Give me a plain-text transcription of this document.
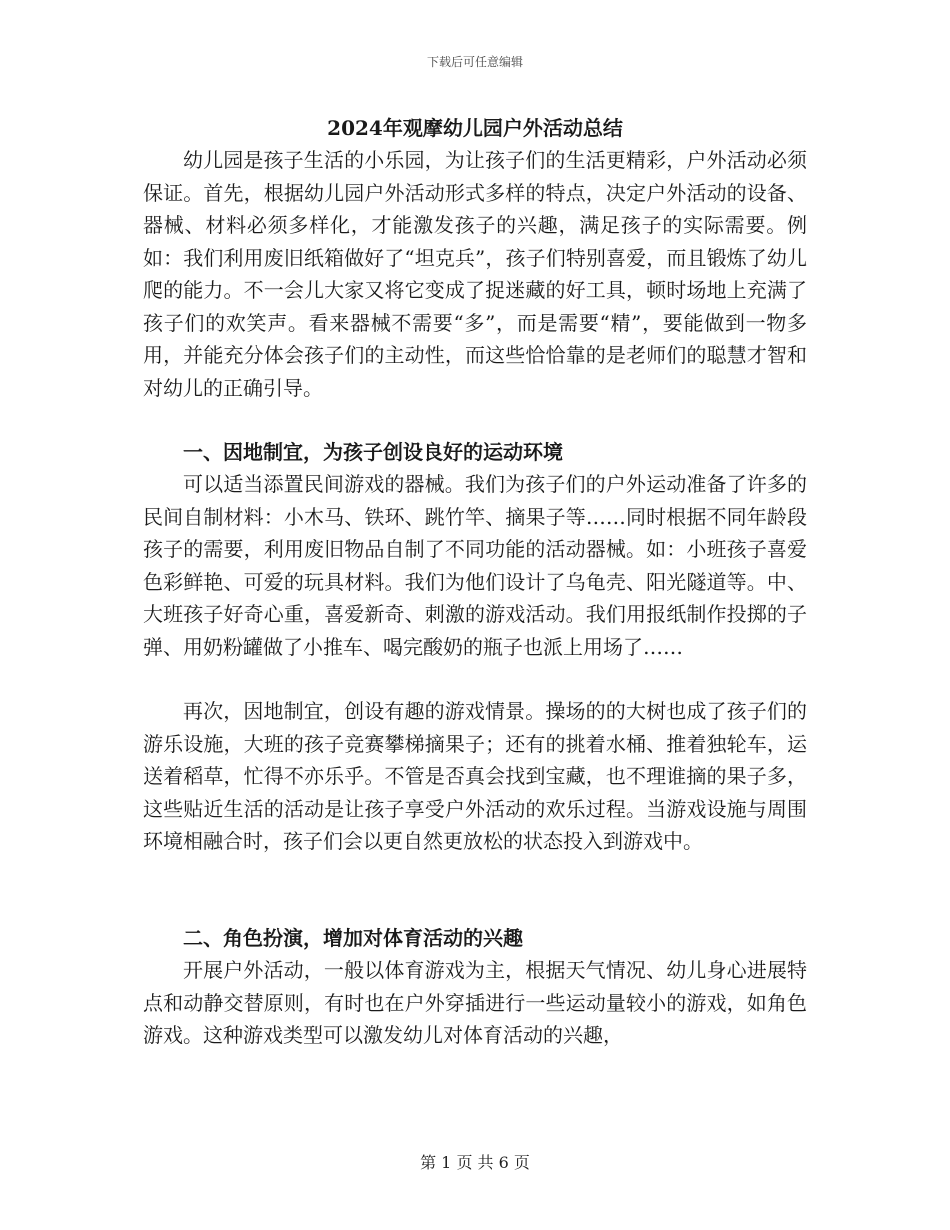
下载后可任意编辑
2024年观摩幼儿园户外活动总结

幼儿园是孩子生活的小乐园，为让孩子们的生活更精彩，户外活动必须保证。首先，根据幼儿园户外活动形式多样的特点，决定户外活动的设备、器械、材料必须多样化，才能激发孩子的兴趣，满足孩子的实际需要。例如：我们利用废旧纸箱做好了“坦克兵”，孩子们特别喜爱，而且锻炼了幼儿爬的能力。不一会儿大家又将它变成了捉迷藏的好工具，顿时场地上充满了孩子们的欢笑声。看来器械不需要“多”，而是需要“精”，要能做到一物多用，并能充分体会孩子们的主动性，而这些恰恰靠的是老师们的聪慧才智和对幼儿的正确引导。

一、因地制宜，为孩子创设良好的运动环境

可以适当添置民间游戏的器械。我们为孩子们的户外运动准备了许多的民间自制材料：小木马、铁环、跳竹竿、摘果子等……同时根据不同年龄段孩子的需要，利用废旧物品自制了不同功能的活动器械。如：小班孩子喜爱色彩鲜艳、可爱的玩具材料。我们为他们设计了乌龟壳、阳光隧道等。中、大班孩子好奇心重，喜爱新奇、刺激的游戏活动。我们用报纸制作投掷的子弹、用奶粉罐做了小推车、喝完酸奶的瓶子也派上用场了……

再次，因地制宜，创设有趣的游戏情景。操场的的大树也成了孩子们的游乐设施，大班的孩子竞赛攀梯摘果子；还有的挑着水桶、推着独轮车，运送着稻草，忙得不亦乐乎。不管是否真会找到宝藏，也不理谁摘的果子多，这些贴近生活的活动是让孩子享受户外活动的欢乐过程。当游戏设施与周围环境相融合时，孩子们会以更自然更放松的状态投入到游戏中。

二、角色扮演，增加对体育活动的兴趣

开展户外活动，一般以体育游戏为主，根据天气情况、幼儿身心进展特点和动静交替原则，有时也在户外穿插进行一些运动量较小的游戏，如角色游戏。这种游戏类型可以激发幼儿对体育活动的兴趣，

第 1 页 共 6 页
